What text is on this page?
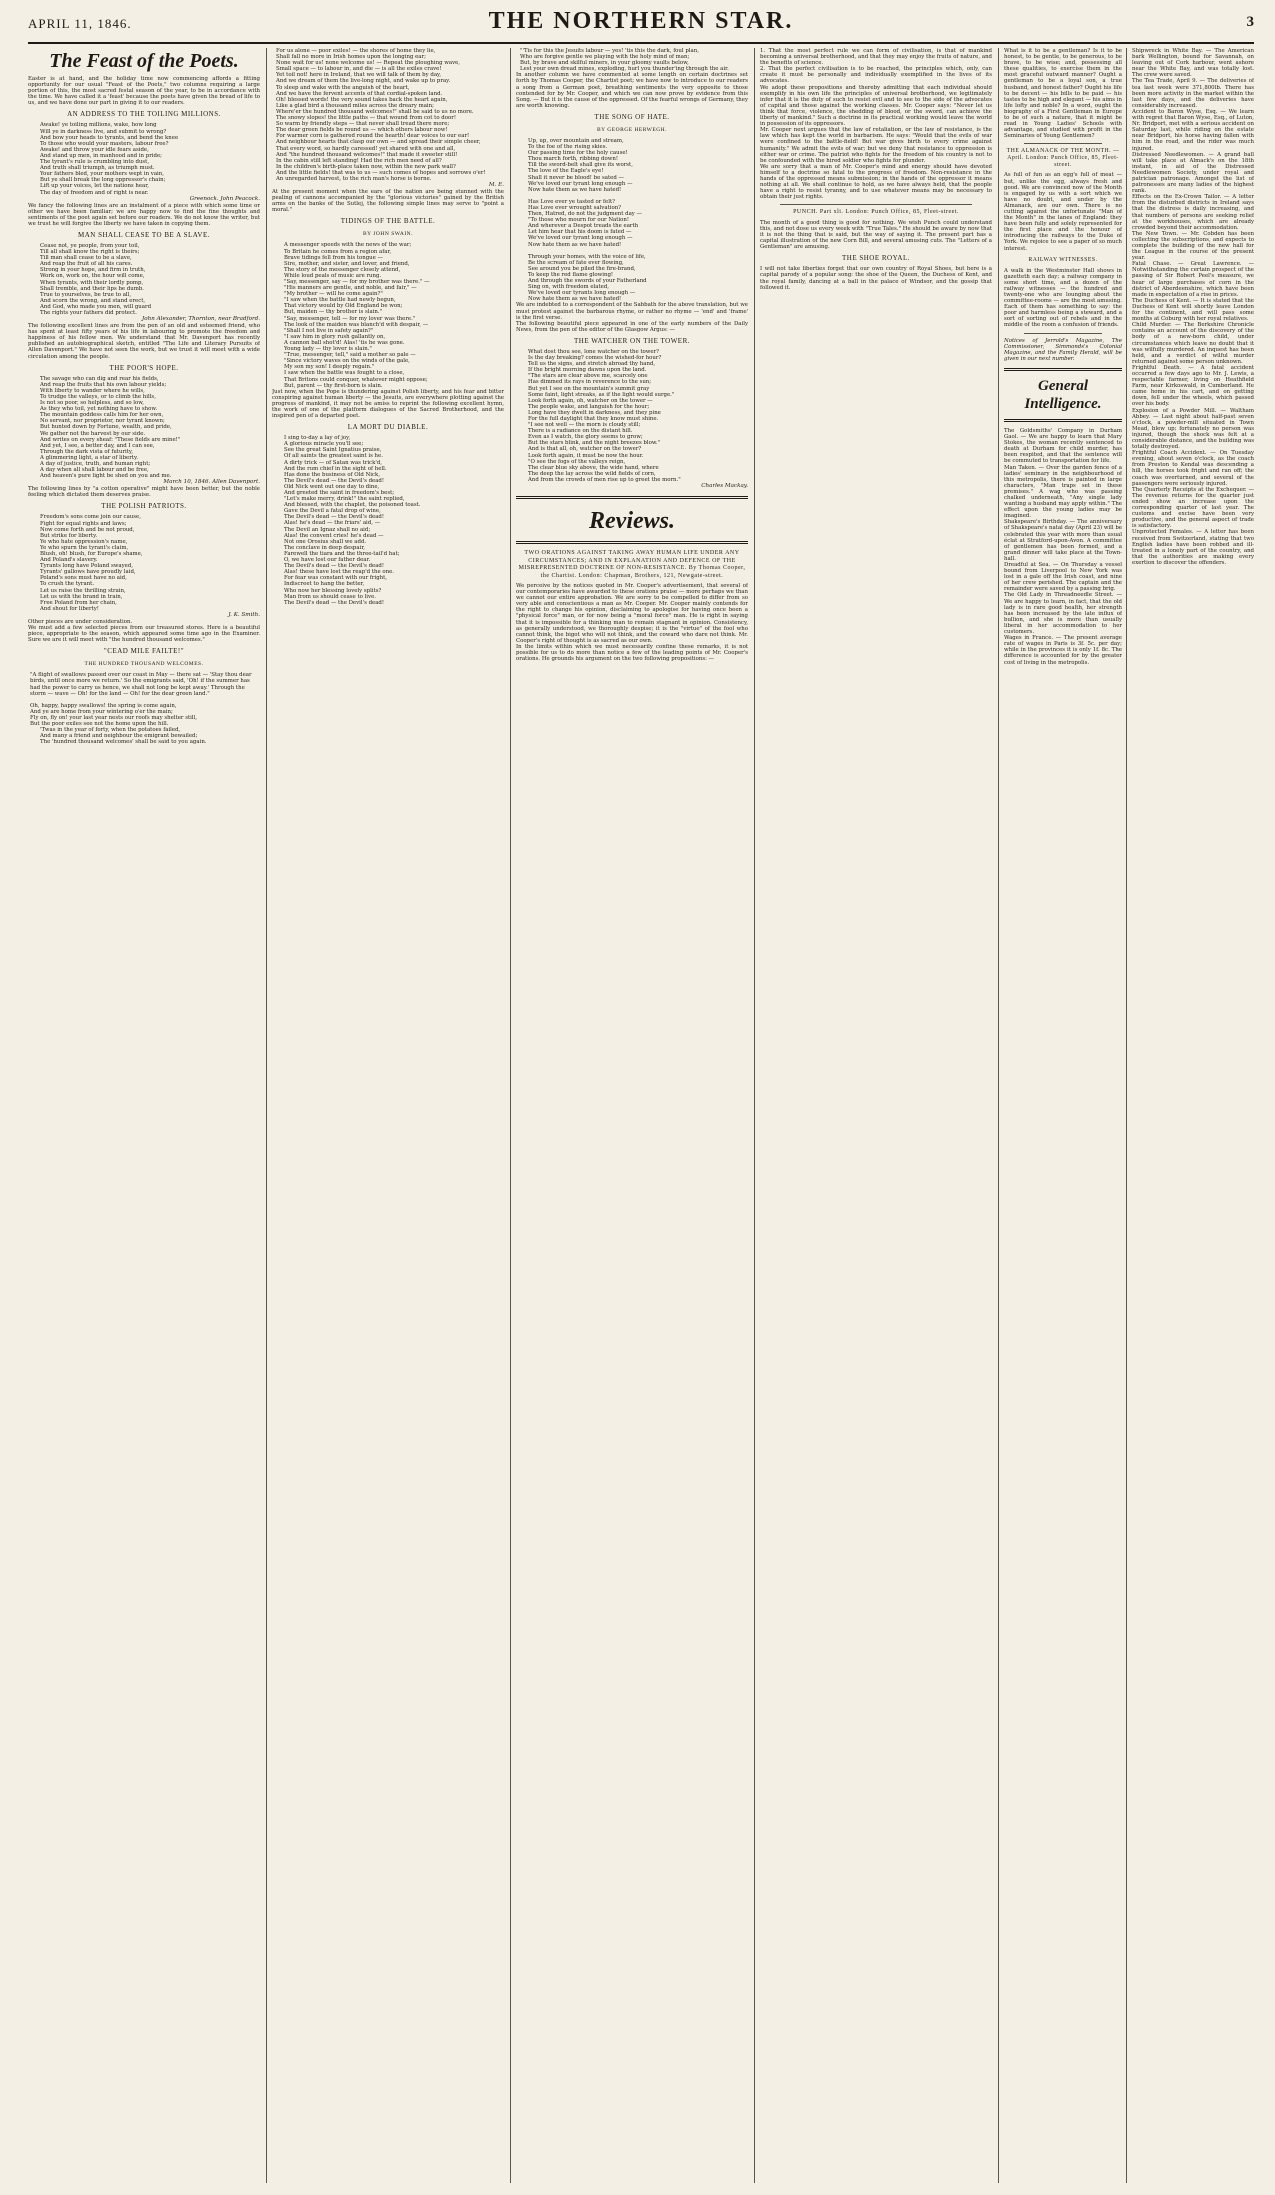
APRIL 11, 1846.	THE NORTHERN STAR.	3
The Feast of the Poets.

Easter is at hand, and the holiday time now commencing affords a fitting opportunity for our usual "Feast of the Poets," two columns requiring a large portion of this, the most sacred festal season of the year, to be in accordance with the time. We have called it a 'feast' because the poets have given the bread of life to us, and we have done our part in giving it to our readers.

AN ADDRESS TO THE TOILING MILLIONS.
Awake! ye toiling millions, wake, how long
Will ye in darkness live, and submit to wrong?
And bow your heads to tyrants, and bend the knee
To those who would your masters, labour free?
Awake! and throw your idle fears aside,
And stand up men, in manhood and in pride;
The tyrant's rule is crumbling into dust,
And truth shall triumph, as triumph must.
Your fathers bled, your mothers wept in vain,
But ye shall break the long oppressor's chain;
Lift up your voices, let the nations hear,
The day of freedom and of right is near.
Greenock. John Peacock.

We fancy the following lines are an instalment of a piece with which some time or other we have been familiar; we are happy now to find the fine thoughts and sentiments of the poet again set before our readers. We do not know the writer, but we trust he will forgive the liberty we have taken in copying them.

MAN SHALL CEASE TO BE A SLAVE.
Cease not, ye people, from your toil,
Till all shall know the right is theirs;
Till man shall cease to be a slave,
And reap the fruit of all his cares.
Strong in your hope, and firm in truth,
Work on, work on, the hour will come,
When tyrants, with their lordly pomp,
Shall tremble, and their lips be dumb.
True to yourselves, be true to all,
And scorn the wrong, and stand erect,
And God, who made you men, will guard
The rights your fathers did protect.
John Alexander, Thornton, near Bradford.

The following excellent lines are from the pen of an old and esteemed friend, who has spent at least fifty years of his life in labouring to promote the freedom and happiness of his fellow men. We understand that Mr. Davenport has recently published an autobiographical sketch, entitled "The Life and Literary Pursuits of Allen Davenport." We have not seen the work, but we trust it will meet with a wide circulation among the people.

THE POOR'S HOPE.
The savage who can dig and rear his fields,
And reap the fruits that his own labour yields;
With liberty to wander where he wills,
To trudge the valleys, or to climb the hills,
Is not so poor, so helpless, and so low,
As they who toil, yet nothing have to show.
The mountain goddess calls him for her own,
No servant, nor proprietor, nor tyrant known;
But hunted down by Fortune, wealth, and pride,
We gather not the harvest by our side.
And writes on every sheaf: "These fields are mine!"
And yet, I see, a better day, and I can see,
Through the dark vista of futurity,
A glimmering light, a star of liberty.
A day of justice, truth, and human right;
A day when all shall labour and be free,
And heaven's pure light be shed on you and me.
March 10, 1846. Allen Davenport.

The following lines by "a cotton operative" might have been better, but the noble feeling which dictated them deserves praise.

THE POLISH PATRIOTS.
Freedom's sons come join our cause,
Fight for equal rights and laws;
Now come forth and be not proud,
But strike for liberty.
Ye who hate oppression's name,
Ye who spurn the tyrant's claim,
Blush, oh! blush, for Europe's shame,
And Poland's slavery.
Tyrants long have Poland swayed,
Tyrants' gallows have proudly laid,
Poland's sons must have no aid,
To crush the tyrant.
Let us raise the thrilling strain,
Let us with the brand in train,
Free Poland from her chain,
And shout for liberty!
J. K. Smith.

Other pieces are under consideration.

We must add a few selected pieces from our treasured stores. Here is a beautiful piece, appropriate to the season, which appeared some time ago in the Examiner. Sure we are it will meet with "the hundred thousand welcomes."

"CEAD MILE FAILTE!"
THE HUNDRED THOUSAND WELCOMES.
"A flight of swallows passed over our coast in May — there sat — 'Stay thou dear birds, until once more we return.' So the emigrants said, 'Oh! if the summer has had the power to carry us hence, we shall not long be kept away.' Through the storm — wave — Oh! for the land — Oh! for the dear green land."

Oh, happy, happy swallows! the spring is come again,
And ye are home from your wintering o'er the main;
Fly on, fly on! your last year nests our roofs may shelter still,
But the poor exiles see not the home upon the hill.
'Twas in the year of forty, when the potatoes failed,
And many a friend and neighbour the emigrant bewailed;
The 'hundred thousand welcomes' shall be said to you again.
For us alone — poor exiles! — the shores of home they lie,
Shall fall no more in Irish homes upon the longing ear;
None wait for us! none welcome us! — Repeat the ploughing wave,
Small space — to labour in, and die — is all the exiles crave!
Yet toil not! here in Ireland, that we will talk of them by day,
And we dream of them the live-long night, and wake up to pray.
To sleep and wake with the anguish of the heart,
And we have the fervent accents of that cordial-spoken land.
Oh! blessed words! the very sound takes back the heart again,
Like a glad bird a thousand miles across the dreary main;
Where'er the hundred thousand welcomes!" shall be said to us no more.
The snowy slopes! the little paths — that wound from cot to door!
So warm by friendly steps — that never shall tread there more;
The dear green fields be round us — which others labour now!
For warmer corn is gathered round the hearth! dear voices to our ear!
And neighbour hearts that clasp our own — and spread their simple cheer,
That every word, so hardly caressed! yet shared with one and all,
And "the hundred thousand welcomes!" that made it sweeter still!
In the cabin still left standing! Had the rich men need of all?
In the children's birth-place taken now, within the new park wall?
And the little fields! that was to us — such comes of hopes and sorrows o'er!
An unregarded harvest, to the rich man's horse is borne.
M. E.

At the present moment when the ears of the nation are being stunned with the pealing of cannons accompanied by the "glorious victories" gained by the British arms on the banks of the Sutlej, the following simple lines may serve to "point a moral."

TIDINGS OF THE BATTLE.
BY JOHN SWAIN.
A messenger speeds with the news of the war;
To Britain he comes from a region afar,
Brave tidings fell from his tongue —
Sire, mother, and sister, and lover, and friend,
The story of the messenger closely attend,
While loud peals of music are rung.
"Say, messenger, say — for my brother was there." —
"His manners are gentle, and noble, and fair," —
"My brother — will he come again?"
"I saw when the battle had newly begun,
That victory would by Old England be won;
But, maiden — thy brother is slain."
"Say, messenger, tell — for my lover was there."
The look of the maiden was blanch'd with despair, —
"Shall I not live in safety again?"
"I saw him in glory rush gallantly on,
A cannon ball shot'd! Alas! 'tis he was gone.
Young lady — thy lover is slain."
"True, messenger, tell," said a mother so pale —
"Since victory waves on the winds of the gale,
My son my son! I deeply regain."
I saw when the battle was fought to a close,
That Britons could conquer, whatever might oppose;
But, parent — thy first-born is slain.

Just now, when the Pope is thundering against Polish liberty, and his fear and bitter conspiring against human liberty — the Jesuits, are everywhere plotting against the progress of mankind, it may not be amiss to reprint the following excellent hymn, the work of one of the platform dialogues of the Sacred Brotherhood, and the inspired pen of a departed poet.

LA MORT DU DIABLE.
I sing to-day a lay of joy,
A glorious miracle you'll see;
See the great Saint Ignatius praise,
Of all saints the greatest saint is he.
A dirty trick — of Satan was trick'd,
And the rum chief in the sight of hell.
Has done the business of Old Nick,
The Devil's dead — the Devil's dead!
Old Nick went out one day to dine,
And greeted the saint in freedom's best;
"Let's make merry, drink!" the saint replied,
And blessed, with the chaplet, the poisoned toast.
Gave the Devil a fatal drop of wine,
The Devil's dead — the Devil's dead!
Alas! he's dead — the friars' aid, —
The Devil an Ignaz shall no aid;
Alas! the convent cries! he's dead —
Not one Orosius shall we add.
The conclave in deep despair,
Farewell the tiara and the three-tail'd hat;
O, we have lost our father dear.
The Devil's dead — the Devil's dead!
Alas! these have lost the reap'd the one.
For fear was constant with our fright,
Indiscreet to hang the better,
Who now her blessing lovely splits?
Man from us should cease to live.
The Devil's dead — the Devil's dead!
"'Tis for this the Jesuits labour — yes! 'tis this the dark, foul plan,
Who are forgive gentle we playing with the holy mind of man;
But, by brave and skilful miners, in your gloomy vaults below,
Lest your own dread mines, exploding, hurl you thunder'ing through the air.

In another column we have commented at some length on certain doctrines set forth by Thomas Cooper, the Chartist poet; we have now to introduce to our readers a song from a German poet, breathing sentiments the very opposite to those contended for by Mr. Cooper, and which we can now prove by evidence from this Song. — But it is the cause of the oppressed. Of the fearful wrongs of Germany, they are worth knowing.

THE SONG OF HATE.
BY GEORGE HERWEGH.
Up, up, over mountain and stream,
To the foe of the rising skies.
Our passing time for the holy cause!
Thou march forth, ribbing down!
Till the sword-belt shall give its worst,
The love of the Eagle's eye!
Shall it never be blood! be sated —
We've loved our tyrant long enough —
Now hate them as we have hated!

Has Love ever ye tasted or felt?
Has Love ever wrought salvation?
Then, Hatred, do not the judgment day —
"To those who mourn for our Nation!
And wherever a Despot treads the earth
Let him hear that his doom is fated —
We've loved our tyrant long enough —
Now hate them as we have hated!

Through your homes, with the voice of life,
Be the scream of fate ever flowing,
See around you be piled the fire-brand,
To keep the red flame glowing!
And through the swords of your Fatherland
Sing on, with freedom elated,
We've loved our tyrants long enough —
Now hate them as we have hated!

We are indebted to a correspondent of the Sabbath for the above translation, but we must protest against the barbarous rhyme, or rather no rhyme — 'end' and 'frame' is the first verse.

The following beautiful piece appeared in one of the early numbers of the Daily News, from the pen of the editor of the Glasgow Argus: —

THE WATCHER ON THE TOWER.
What dost thou see, lone watcher on the tower?
Is the day breaking? comes the wished-for hour?
Tell us the signs, and stretch abroad thy hand,
If the bright morning dawns upon the land.
"The stars are clear above me, scarcely one
Has dimmed its rays in reverence to the sun;
But yet I see on the mountain's summit gray
Some faint, light streaks, as if the light would surge."
Look forth again, oh, watcher on the tower —
The people wake, and languish for the hour;
Long have they dwelt in darkness, and they pine
For the full daylight that they know must shine.
"I see not well — the morn is cloudy still;
There is a radiance on the distant hill.
Even as I watch, the glory seems to grow;
But the stars blink, and the night breezes blow."
And is that all, oh, watcher on the tower?
Look forth again, it must be now the hour.
"O see the fogs of the valleys reign,
The clear blue sky above, the wide hand, where
The deep the lay across the wild fields of corn,
And from the crowds of men rise up to greet the morn."
Charles Mackay.
Reviews.
TWO ORATIONS AGAINST TAKING AWAY HUMAN LIFE UNDER ANY CIRCUMSTANCES; AND IN EXPLANATION AND DEFENCE OF THE MISREPRESENTED DOCTRINE OF NON-RESISTANCE. By Thomas Cooper, the Chartist. London: Chapman, Brothers, 121, Newgate-street.

We perceive by the notices quoted in Mr. Cooper's advertisement, that several of our contemporaries have awarded to these orations praise — more perhaps we than we cannot our entire approbation. We are sorry to be compelled to differ from so very able and conscientious a man as Mr. Cooper. Mr. Cooper mainly contends for the right to change his opinion, disclaiming to apologise for having once been a "physical force" man, or for now being a "moral force" man. He is right in saying that it is impossible for a thinking man to remain stagnant in opinion. Consistency, as generally understood, we thoroughly despise; it is the "virtue" of the fool who cannot think, the bigot who will not think, and the coward who dare not think. Mr. Cooper's right of thought is as sacred as our own.

In the limits within which we must necessarily confine these remarks, it is not possible for us to do more than notice a few of the leading points of Mr. Cooper's orations. He grounds his argument on the two following propositions: —

1. That the most perfect rule we can form of civilisation, is that of mankind becoming a universal brotherhood, and that they may enjoy the fruits of nature, and the benefits of science.

2. That the perfect civilisation is to be reached, the principles which, only, can create it must be personally and individually exemplified in the lives of its advocates.

We adopt these propositions and thereby admitting that each individual should exemplify in his own life the principles of universal brotherhood, we legitimately infer that it is the duty of such to resist evil and to see to the side of the advocates of capital and those against the working classes. Mr. Cooper says: "Never let us think that force, violence, the shedding of blood, or the sword, can achieve the liberty of mankind." Such a doctrine in its practical working would leave the world in possession of its oppressors.

Mr. Cooper next argues that the law of retaliation, or the law of resistance, is the law which has kept the world in barbarism. He says: "Would that the evils of war were confined to the battle-field! But war gives birth to every crime against humanity." We admit the evils of war; but we deny that resistance to oppression is either war or crime. The patriot who fights for the freedom of his country is not to be confounded with the hired soldier who fights for plunder.

We are sorry that a man of Mr. Cooper's mind and energy should have devoted himself to a doctrine so fatal to the progress of freedom. Non-resistance in the hands of the oppressed means submission; in the hands of the oppressor it means nothing at all. We shall continue to hold, as we have always held, that the people have a right to resist tyranny, and to use whatever means may be necessary to obtain their just rights.

PUNCH. Part xli. London: Punch Office, 85, Fleet-street.

The month of a good thing is good for nothing. We wish Punch could understand this, and not dose us every week with "True Tales." He should be aware by now that it is not the thing that is said, but the way of saying it. The present part has a capital illustration of the new Corn Bill, and several amusing cuts. The "Letters of a Gentleman" are amusing.

THE SHOE ROYAL.

I will not take liberties forget that our own country of Royal Shoes, but here is a capital parody of a popular song: the shoe of the Queen, the Duchess of Kent, and the royal family, dancing at a ball in the palace of Windsor, and the gossip that followed it.

What is it to be a gentleman? Is it to be honest, to be gentle, to be generous, to be brave, to be wise; and, possessing all these qualities, to exercise them in the most graceful outward manner? Ought a gentleman to be a loyal son, a true husband, and honest father? Ought his life to be decent — his bills to be paid — his tastes to be high and elegant — his aims in life lofty and noble? In a word, ought the biography of a First Gentleman in Europe to be of such a nature, that it might be read in Young Ladies' Schools with advantage, and studied with profit in the Seminaries of Young Gentlemen?

THE ALMANACK OF THE MONTH. — April. London: Punch Office, 85, Fleet-street.

As full of fun as an egg's full of meat — but, unlike the egg, always fresh and good. We are convinced now of the Month is engaged by us with a sort which we have no doubt, and under by the Almanack, are our own. There is no cutting against the unfortunate "Man of the Month" in the lanes of England: they have been fully and solely represented for the first place and the honour of introducing the railways to the Duke of York. We rejoice to see a paper of so much interest.

RAILWAY WITNESSES.

A walk in the Westminster Hall shows in gazetteth each day; a railway company in some short time, and a dozen of the railway witnesses — the hundred and twenty-one who are lounging about the committee-rooms — are the most amusing. Each of them has something to say: the poor and harmless being a steward, and a sort of sorting out of rebels and in the middle of the room a confusion of friends.

Notices of Jerrold's Magazine, The Commissioner, Simmonds's Colonial Magazine, and the Family Herald, will be given in our next number.

General Intelligence.

The Goldsmiths' Company in Durham Gaol. — We are happy to learn that Mary Stokes, the woman recently sentenced to death at Durham for child murder, has been respited, and that the sentence will be commuted to transportation for life.

Man Taken. — Over the garden fence of a ladies' seminary in the neighbourhood of this metropolis, there is painted in large characters, "Man traps set in these premises." A wag who was passing chalked underneath, "Any single lady wanting a husband may apply within." The effect upon the young ladies may be imagined.

Shakspeare's Birthday. — The anniversary of Shakspeare's natal day (April 23) will be celebrated this year with more than usual éclat at Stratford-upon-Avon. A committee of gentlemen has been formed, and a grand dinner will take place at the Town-hall.

Dreadful at Sea. — On Thursday a vessel bound from Liverpool to New York was lost in a gale off the Irish coast, and nine of her crew perished. The captain and the remainder were saved by a passing brig.

The Old Lady in Threadneedle Street. — We are happy to learn, in fact, that the old lady is in rare good health, her strength has been increased by the late influx of bullion, and she is more than usually liberal in her accommodation to her customers.

Wages in France. — The present average rate of wages in Paris is 3f. 5c. per day; while in the provinces it is only 1f. 8c. The difference is accounted for by the greater cost of living in the metropolis.

Shipwreck in White Bay. — The American bark Wellington, bound for Savannah, on leaving out of Cork harbour, went ashore near the White Bay, and was totally lost. The crew were saved.

The Tea Trade, April 9. — The deliveries of tea last week were 371,800lb. There has been more activity in the market within the last few days, and the deliveries have considerably increased.

Accident to Baron Wyse, Esq. — We learn with regret that Baron Wyse, Esq., of Luton, Nr. Bridport, met with a serious accident on Saturday last, while riding on the estate near Bridport, his horse having fallen with him in the road, and the rider was much injured.

Distressed Needlewomen. — A grand ball will take place at Almack's on the 18th instant, in aid of the Distressed Needlewomen Society, under royal and patrician patronage. Amongst the list of patronesses are many ladies of the highest rank.

Effects on the Ex-Crown Tailor. — A letter from the disturbed districts in Ireland says that the distress is daily increasing, and that numbers of persons are seeking relief at the workhouses, which are already crowded beyond their accommodation.

The New Town. — Mr. Cobden has been collecting the subscriptions, and expects to complete the building of the new hall for the League in the course of the present year.

Fatal Chase. — Great Lawrence. — Notwithstanding the certain prospect of the passing of Sir Robert Peel's measure, we hear of large purchases of corn in the district of Aberdeenshire, which have been made in expectation of a rise in prices.

The Duchess of Kent. — It is stated that the Duchess of Kent will shortly leave London for the continent, and will pass some months at Coburg with her royal relatives.

Child Murder. — The Berkshire Chronicle contains an account of the discovery of the body of a new-born child, under circumstances which leave no doubt that it was wilfully murdered. An inquest has been held, and a verdict of wilful murder returned against some person unknown.

Frightful Death. — A fatal accident occurred a few days ago to Mr. J. Lewis, a respectable farmer, living on Heathfield Farm, near Kirkoswald, in Cumberland. He came home in his cart, and on getting down, fell under the wheels, which passed over his body.

Explosion of a Powder Mill. — Waltham Abbey. — Last night about half-past seven o'clock, a powder-mill situated in Town Mead, blew up; fortunately no person was injured, though the shock was felt at a considerable distance, and the building was totally destroyed.

Frightful Coach Accident. — On Tuesday evening, about seven o'clock, as the coach from Preston to Kendal was descending a hill, the horses took fright and ran off; the coach was overturned, and several of the passengers were seriously injured.

The Quarterly Receipts at the Exchequer. — The revenue returns for the quarter just ended show an increase upon the corresponding quarter of last year. The customs and excise have been very productive, and the general aspect of trade is satisfactory.

Unprotected Females. — A letter has been received from Switzerland, stating that two English ladies have been robbed and ill-treated in a lonely part of the country, and that the authorities are making every exertion to discover the offenders.
